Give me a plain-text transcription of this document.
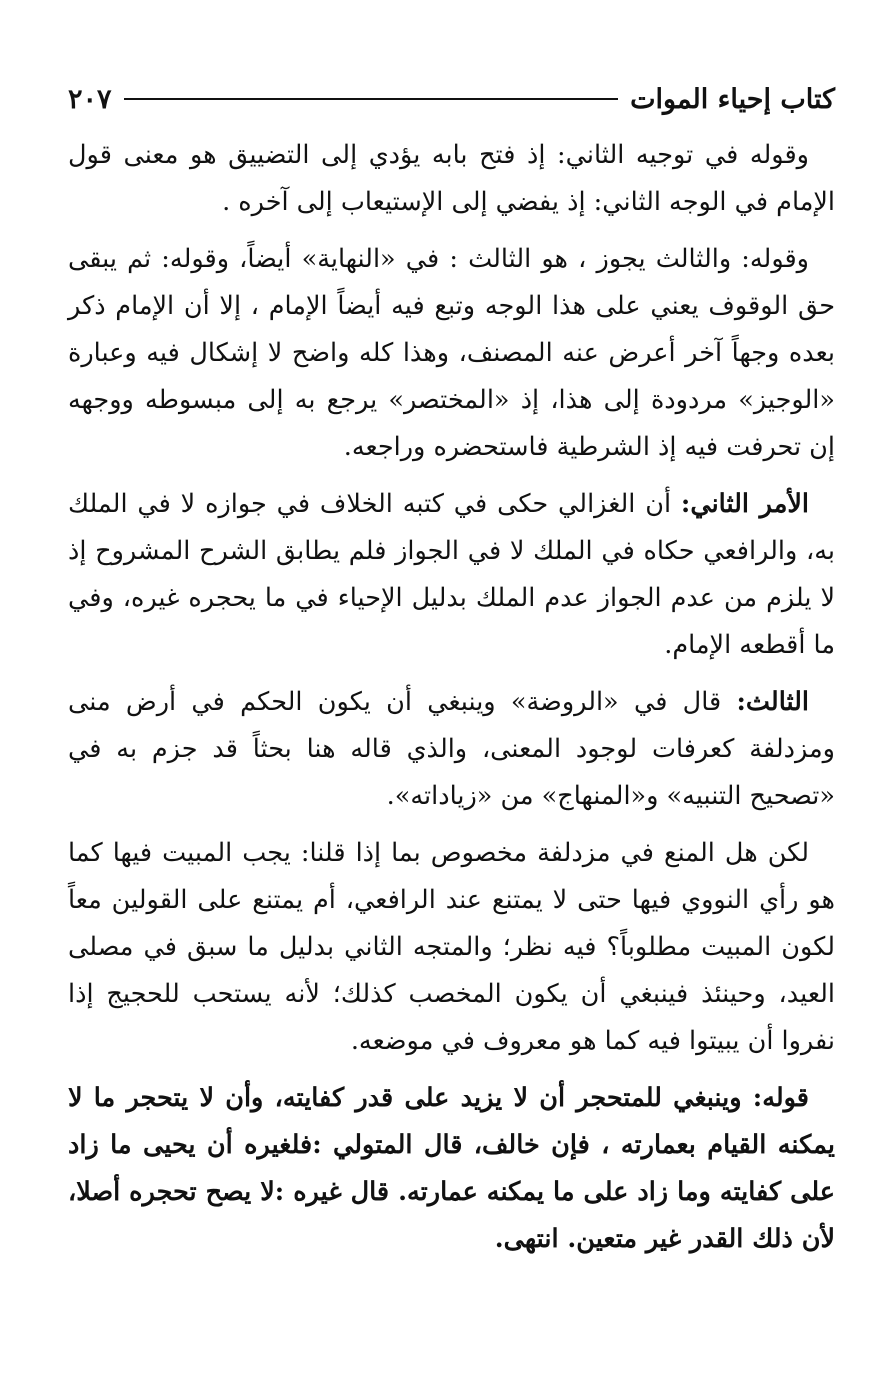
كتاب إحياء الموات
٢٠٧

وقوله في توجيه الثاني: إذ فتح بابه يؤدي إلى التضييق هو معنى قول الإمام في الوجه الثاني: إذ يفضي إلى الإستيعاب إلى آخره .

وقوله: والثالث يجوز ، هو الثالث : في «النهاية» أيضاً، وقوله: ثم يبقى حق الوقوف يعني على هذا الوجه وتبع فيه أيضاً الإمام ، إلا أن الإمام ذكر بعده وجهاً آخر أعرض عنه المصنف، وهذا كله واضح لا إشكال فيه وعبارة «الوجيز» مردودة إلى هذا، إذ «المختصر» يرجع به إلى مبسوطه ووجهه إن تحرفت فيه إذ الشرطية فاستحضره وراجعه.

الأمر الثاني: أن الغزالي حكى في كتبه الخلاف في جوازه لا في الملك به، والرافعي حكاه في الملك لا في الجواز فلم يطابق الشرح المشروح إذ لا يلزم من عدم الجواز عدم الملك بدليل الإحياء في ما يحجره غيره، وفي ما أقطعه الإمام.

الثالث: قال في «الروضة» وينبغي أن يكون الحكم في أرض منى ومزدلفة كعرفات لوجود المعنى، والذي قاله هنا بحثاً قد جزم به في «تصحيح التنبيه» و«المنهاج» من «زياداته».

لكن هل المنع في مزدلفة مخصوص بما إذا قلنا: يجب المبيت فيها كما هو رأي النووي فيها حتى لا يمتنع عند الرافعي، أم يمتنع على القولين معاً لكون المبيت مطلوباً؟ فيه نظر؛ والمتجه الثاني بدليل ما سبق في مصلى العيد، وحينئذ فينبغي أن يكون المخصب كذلك؛ لأنه يستحب للحجيج إذا نفروا أن يبيتوا فيه كما هو معروف في موضعه.

قوله: وينبغي للمتحجر أن لا يزيد على قدر كفايته، وأن لا يتحجر ما لا يمكنه القيام بعمارته ، فإن خالف، قال المتولي :فلغيره أن يحيى ما زاد على كفايته وما زاد على ما يمكنه عمارته. قال غيره :لا يصح تحجره أصلا، لأن ذلك القدر غير متعين. انتهى.
